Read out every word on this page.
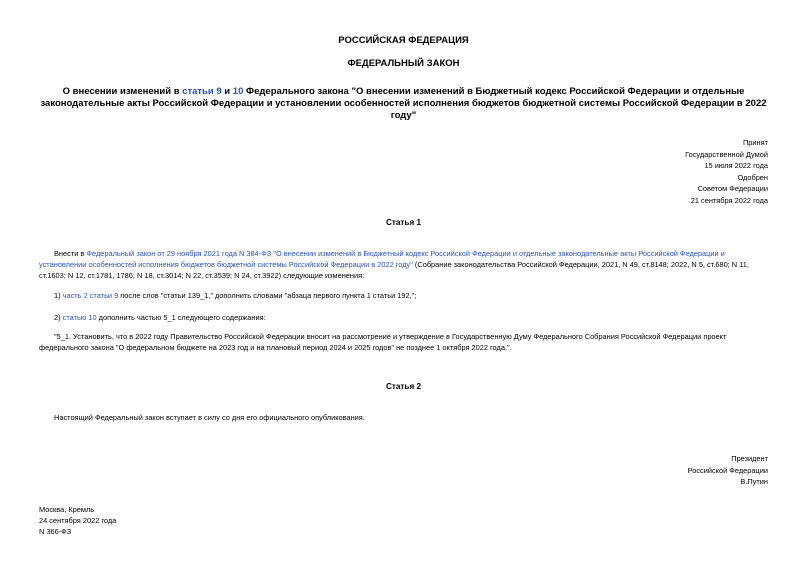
РОССИЙСКАЯ ФЕДЕРАЦИЯ
ФЕДЕРАЛЬНЫЙ ЗАКОН
О внесении изменений в статьи 9 и 10 Федерального закона "О внесении изменений в Бюджетный кодекс Российской Федерации и отдельные законодательные акты Российской Федерации и установлении особенностей исполнения бюджетов бюджетной системы Российской Федерации в 2022 году"
Принят
Государственной Думой
15 июля 2022 года
Одобрен
Советом Федерации
21 сентября 2022 года
Статья 1
Внести в Федеральный закон от 29 ноября 2021 года N 384-ФЗ "О внесении изменений в Бюджетный кодекс Российской Федерации и отдельные законодательные акты Российской Федерации и установлении особенностей исполнения бюджетов бюджетной системы Российской Федерации в 2022 году" (Собрание законодательства Российской Федерации, 2021, N 49, ст.8148; 2022, N 5, ст.680; N 11, ст.1603; N 12, ст.1781, 1786; N 18, ст.3014; N 22, ст.3539; N 24, ст.3922) следующие изменения:
1) часть 2 статьи 9 после слов "статьи 139_1," дополнить словами "абзаца первого пункта 1 статьи 192,";
2) статью 10 дополнить частью 5_1 следующего содержания:
"5_1. Установить, что в 2022 году Правительство Российской Федерации вносит на рассмотрение и утверждение в Государственную Думу Федерального Собрания Российской Федерации проект федерального закона "О федеральном бюджете на 2023 год и на плановый период 2024 и 2025 годов" не позднее 1 октября 2022 года.".
Статья 2
Настоящий Федеральный закон вступает в силу со дня его официального опубликования.
Президент
Российской Федерации
В.Путин
Москва, Кремль
24 сентября 2022 года
N 366-ФЗ
